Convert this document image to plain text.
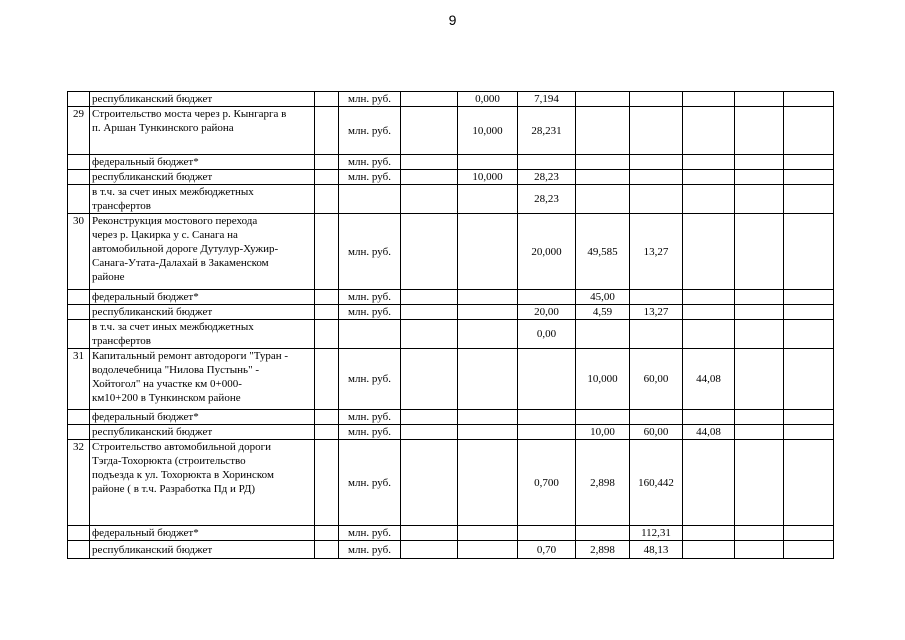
9

	республиканский бюджет		млн. руб.		0,000	7,194					
29	Строительство моста через р. Кынгарга в
п. Аршан Тункинского района		млн. руб.		10,000	28,231					

	федеральный бюджет*		млн. руб.								

	республиканский бюджет		млн. руб.		10,000	28,23					

	в т.ч. за счет иных межбюджетных
трансфертов					28,23					
30	Реконструкция мостового перехода
через р. Цакирка у с. Санага на
автомобильной дороге Дутулур-Хужир-
Санага-Утата-Далахай в Закаменском
районе		млн. руб.			20,000	49,585	13,27			

	федеральный бюджет*		млн. руб.				45,00				

	республиканский бюджет		млн. руб.			20,00	4,59	13,27			

	в т.ч. за счет иных межбюджетных
трансфертов					0,00					
31	Капитальный ремонт автодороги "Туран -
водолечебница "Нилова Пустынь" -
Хойтогол" на участке км 0+000-
км10+200 в Тункинском районе		млн. руб.				10,000	60,00	44,08		

	федеральный бюджет*		млн. руб.								

	республиканский бюджет		млн. руб.				10,00	60,00	44,08		
32	Строительство автомобильной дороги
Тэгда-Тохорюкта (строительство
подъезда к ул. Тохорюкта в Хоринском
районе ( в т.ч. Разработка Пд и РД)		млн. руб.			0,700	2,898	160,442			

	федеральный бюджет*		млн. руб.					112,31			

	республиканский бюджет		млн. руб.			0,70	2,898	48,13			
